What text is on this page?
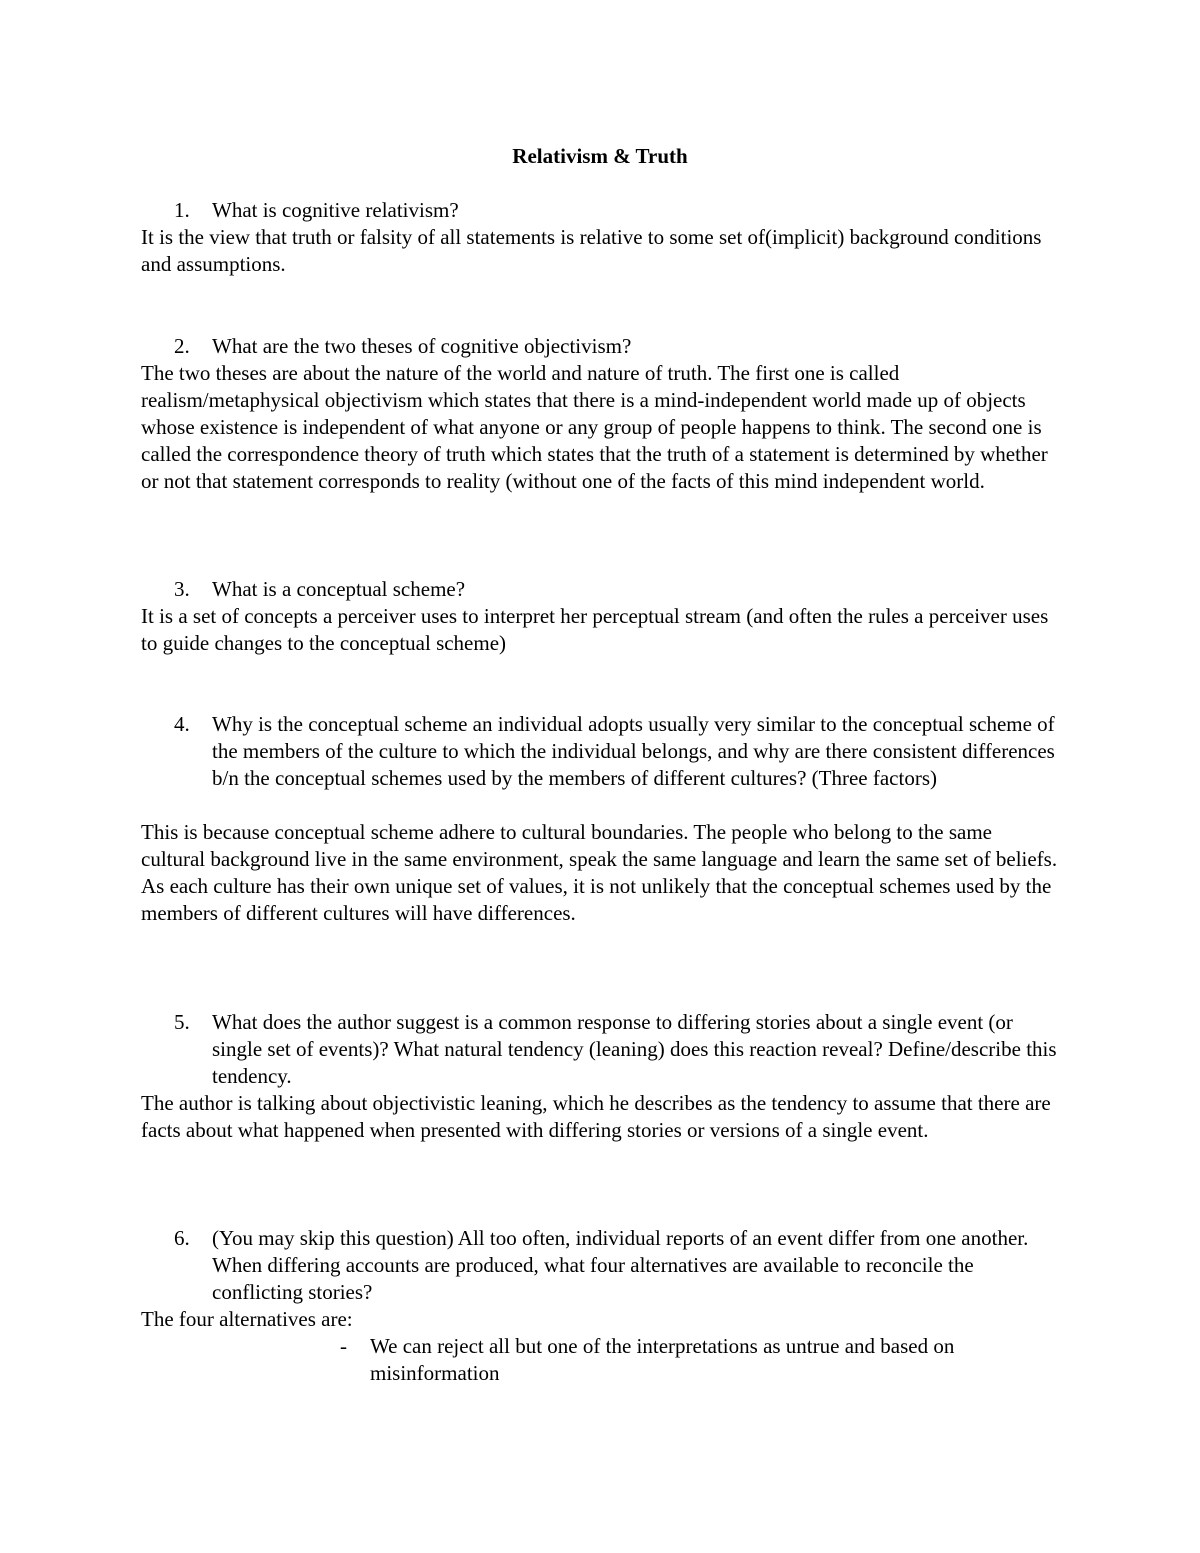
Relativism & Truth
1. What is cognitive relativism?
It is the view that truth or falsity of all statements is relative to some set of(implicit) background conditions and assumptions.
2. What are the two theses of cognitive objectivism?
The two theses are about the nature of the world and nature of truth. The first one is called realism/metaphysical objectivism which states that there is a mind-independent world made up of objects whose existence is independent of what anyone or any group of people happens to think. The second one is called the correspondence theory of truth which states that the truth of a statement is determined by whether or not that statement corresponds to reality (without one of the facts of this mind independent world.
3. What is a conceptual scheme?
It is a set of concepts a perceiver uses to interpret her perceptual stream (and often the rules a perceiver uses to guide changes to the conceptual scheme)
4. Why is the conceptual scheme an individual adopts usually very similar to the conceptual scheme of the members of the culture to which the individual belongs, and why are there consistent differences b/n the conceptual schemes used by the members of different cultures? (Three factors)
This is because conceptual scheme adhere to cultural boundaries. The people who belong to the same cultural background live in the same environment, speak the same language and learn the same set of beliefs. As each culture has their own unique set of values, it is not unlikely that the conceptual schemes used by the members of different cultures will have differences.
5. What does the author suggest is a common response to differing stories about a single event (or single set of events)? What natural tendency (leaning) does this reaction reveal? Define/describe this tendency.
The author is talking about objectivistic leaning, which he describes as the tendency to assume that there are facts about what happened when presented with differing stories or versions of a single event.
6. (You may skip this question) All too often, individual reports of an event differ from one another. When differing accounts are produced, what four alternatives are available to reconcile the conflicting stories?
The four alternatives are:
- We can reject all but one of the interpretations as untrue and based on misinformation
